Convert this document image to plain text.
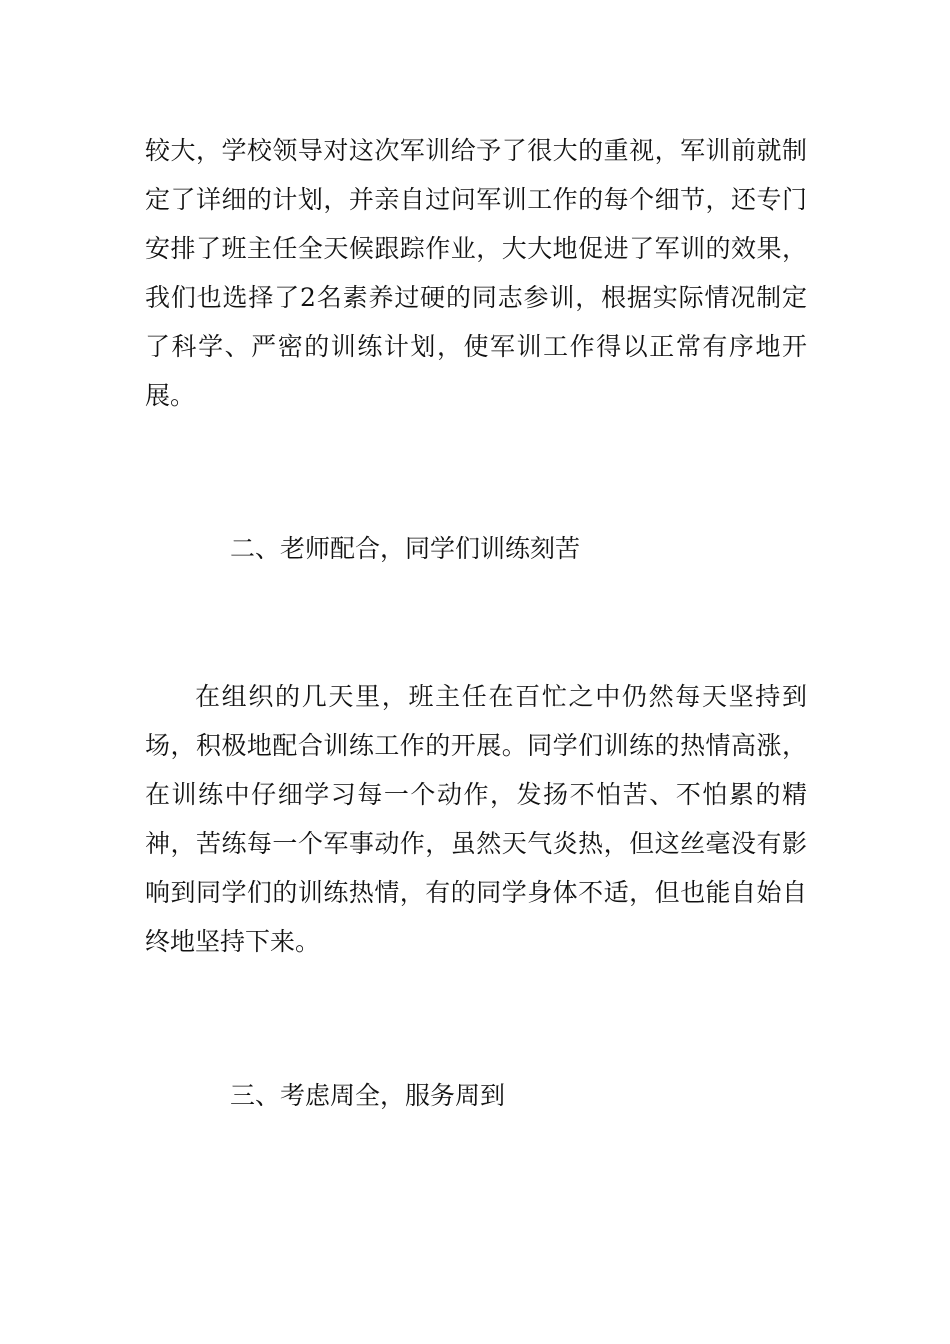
较大，学校领导对这次军训给予了很大的重视，军训前就制定了详细的计划，并亲自过问军训工作的每个细节，还专门安排了班主任全天候跟踪作业，大大地促进了军训的效果，我们也选择了2名素养过硬的同志参训，根据实际情况制定了科学、严密的训练计划，使军训工作得以正常有序地开展。

二、老师配合，同学们训练刻苦

在组织的几天里，班主任在百忙之中仍然每天坚持到场，积极地配合训练工作的开展。同学们训练的热情高涨，在训练中仔细学习每一个动作，发扬不怕苦、不怕累的精神，苦练每一个军事动作，虽然天气炎热，但这丝毫没有影响到同学们的训练热情，有的同学身体不适，但也能自始自终地坚持下来。

三、考虑周全，服务周到
